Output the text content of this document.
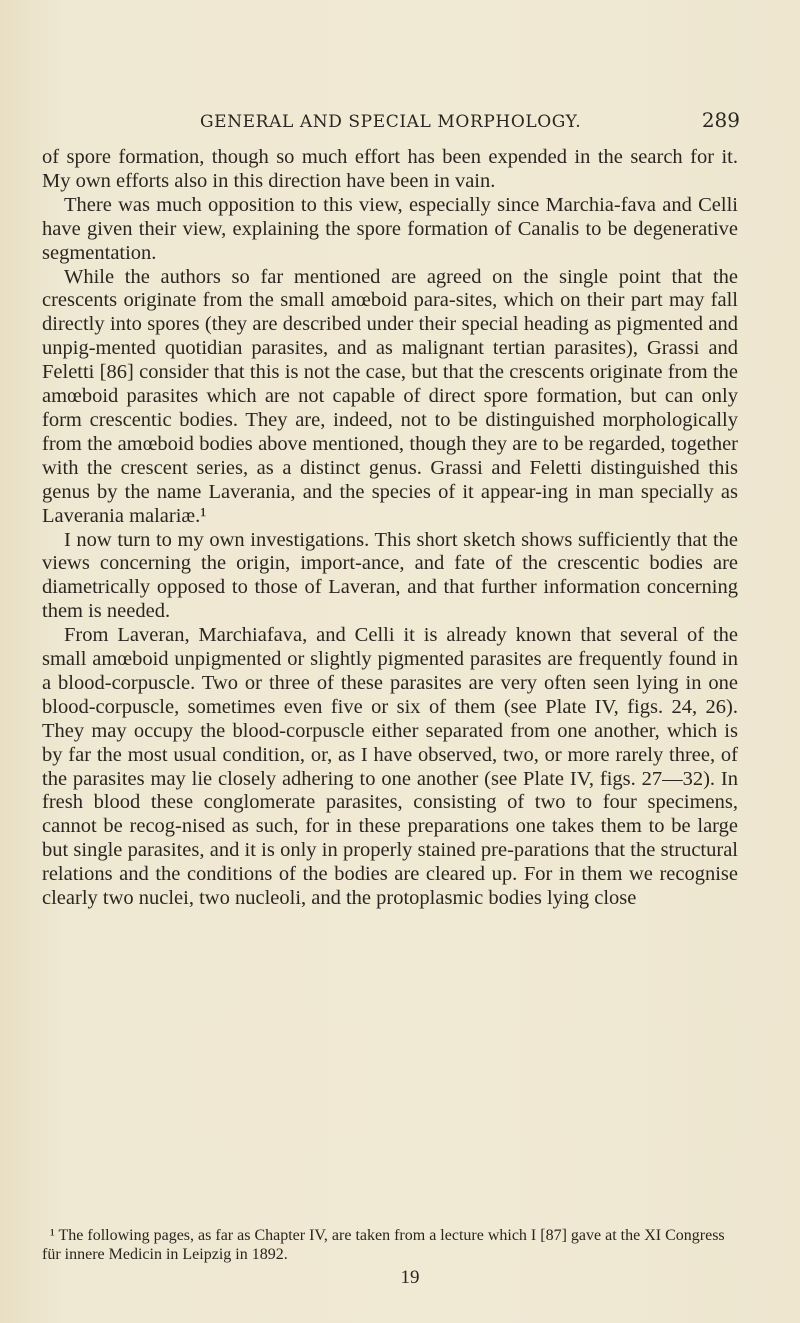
GENERAL AND SPECIAL MORPHOLOGY.	289

of spore formation, though so much effort has been expended in the search for it. My own efforts also in this direction have been in vain.

There was much opposition to this view, especially since Marchia-fava and Celli have given their view, explaining the spore formation of Canalis to be degenerative segmentation.

While the authors so far mentioned are agreed on the single point that the crescents originate from the small amœboid para-sites, which on their part may fall directly into spores (they are described under their special heading as pigmented and unpig-mented quotidian parasites, and as malignant tertian parasites), Grassi and Feletti [86] consider that this is not the case, but that the crescents originate from the amœboid parasites which are not capable of direct spore formation, but can only form crescentic bodies. They are, indeed, not to be distinguished morphologically from the amœboid bodies above mentioned, though they are to be regarded, together with the crescent series, as a distinct genus. Grassi and Feletti distinguished this genus by the name Laverania, and the species of it appear-ing in man specially as Laverania malariæ.¹

I now turn to my own investigations. This short sketch shows sufficiently that the views concerning the origin, import-ance, and fate of the crescentic bodies are diametrically opposed to those of Laveran, and that further information concerning them is needed.

From Laveran, Marchiafava, and Celli it is already known that several of the small amœboid unpigmented or slightly pigmented parasites are frequently found in a blood-corpuscle. Two or three of these parasites are very often seen lying in one blood-corpuscle, sometimes even five or six of them (see Plate IV, figs. 24, 26). They may occupy the blood-corpuscle either separated from one another, which is by far the most usual condition, or, as I have observed, two, or more rarely three, of the parasites may lie closely adhering to one another (see Plate IV, figs. 27—32). In fresh blood these conglomerate parasites, consisting of two to four specimens, cannot be recog-nised as such, for in these preparations one takes them to be large but single parasites, and it is only in properly stained pre-parations that the structural relations and the conditions of the bodies are cleared up. For in them we recognise clearly two nuclei, two nucleoli, and the protoplasmic bodies lying close

¹ The following pages, as far as Chapter IV, are taken from a lecture which I [87] gave at the XI Congress für innere Medicin in Leipzig in 1892.

19
